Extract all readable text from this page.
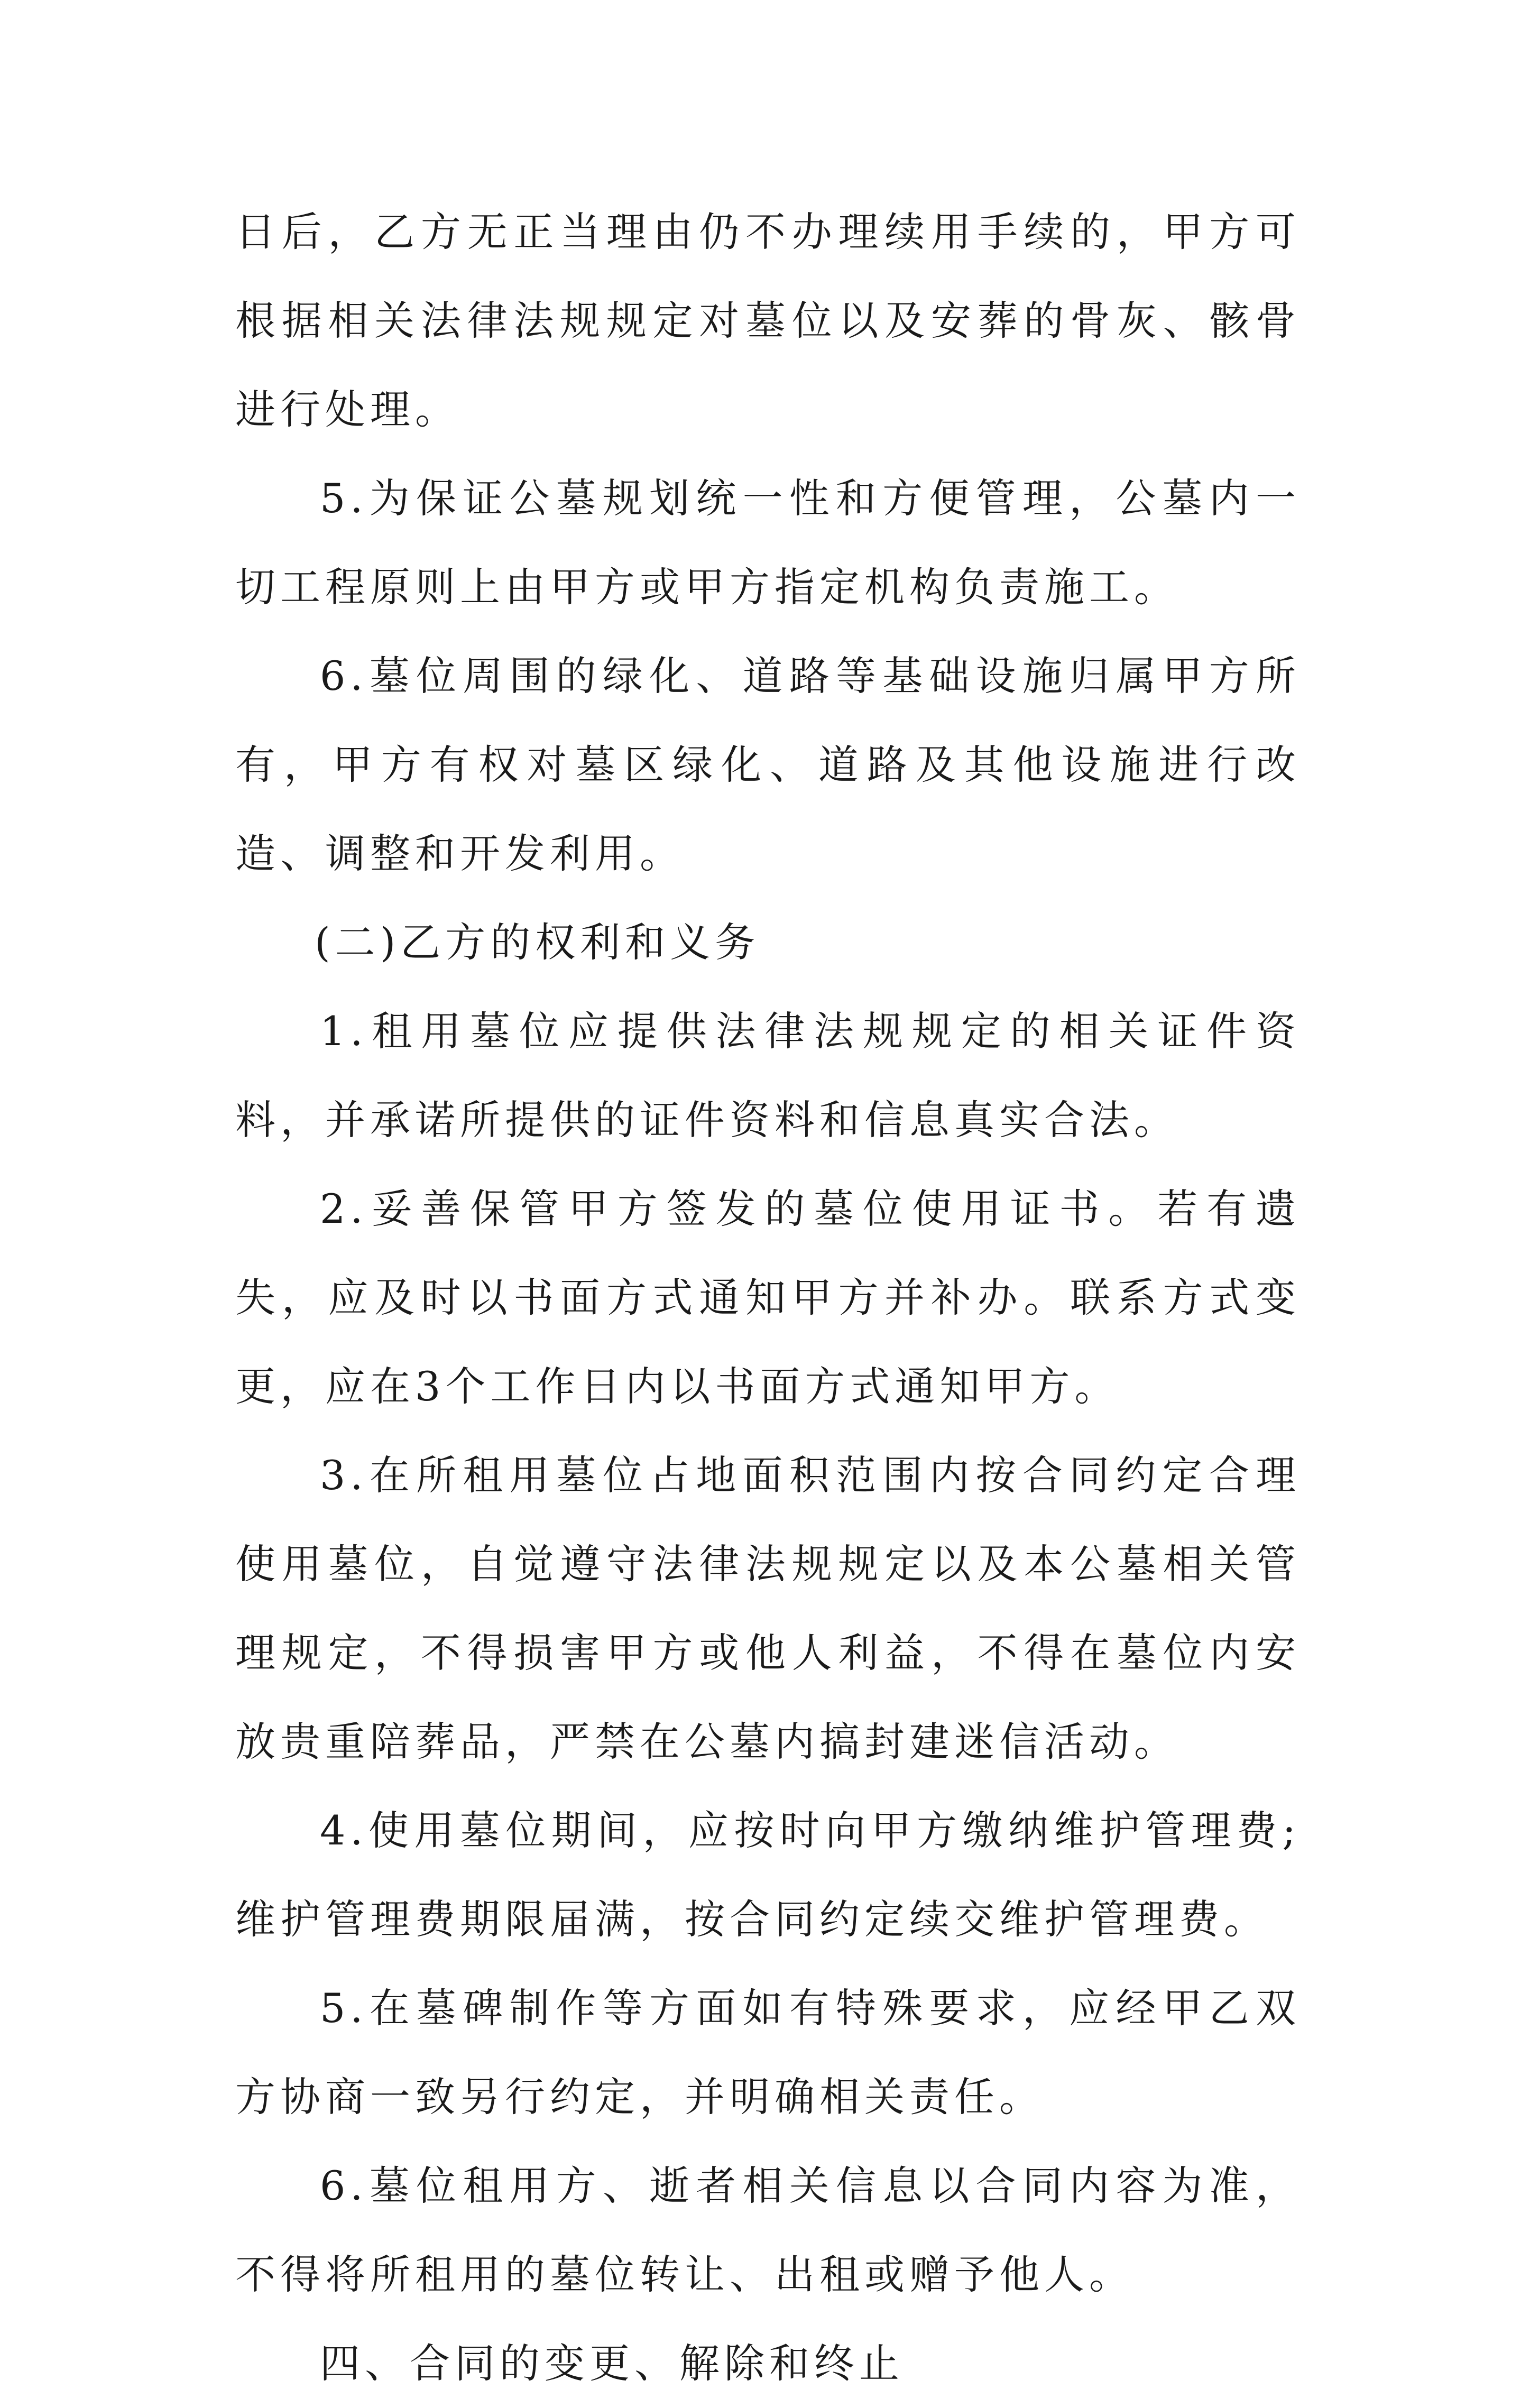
日后，乙方无正当理由仍不办理续用手续的，甲方可根据相关法律法规规定对墓位以及安葬的骨灰、骸骨进行处理。

5.为保证公墓规划统一性和方便管理，公墓内一切工程原则上由甲方或甲方指定机构负责施工。

6.墓位周围的绿化、道路等基础设施归属甲方所有，甲方有权对墓区绿化、道路及其他设施进行改造、调整和开发利用。

(二)乙方的权利和义务

1.租用墓位应提供法律法规规定的相关证件资料，并承诺所提供的证件资料和信息真实合法。

2.妥善保管甲方签发的墓位使用证书。若有遗失，应及时以书面方式通知甲方并补办。联系方式变更，应在3个工作日内以书面方式通知甲方。

3.在所租用墓位占地面积范围内按合同约定合理使用墓位，自觉遵守法律法规规定以及本公墓相关管理规定，不得损害甲方或他人利益，不得在墓位内安放贵重陪葬品，严禁在公墓内搞封建迷信活动。

4.使用墓位期间，应按时向甲方缴纳维护管理费;维护管理费期限届满，按合同约定续交维护管理费。

5.在墓碑制作等方面如有特殊要求，应经甲乙双方协商一致另行约定，并明确相关责任。

6.墓位租用方、逝者相关信息以合同内容为准，不得将所租用的墓位转让、出租或赠予他人。

四、合同的变更、解除和终止
